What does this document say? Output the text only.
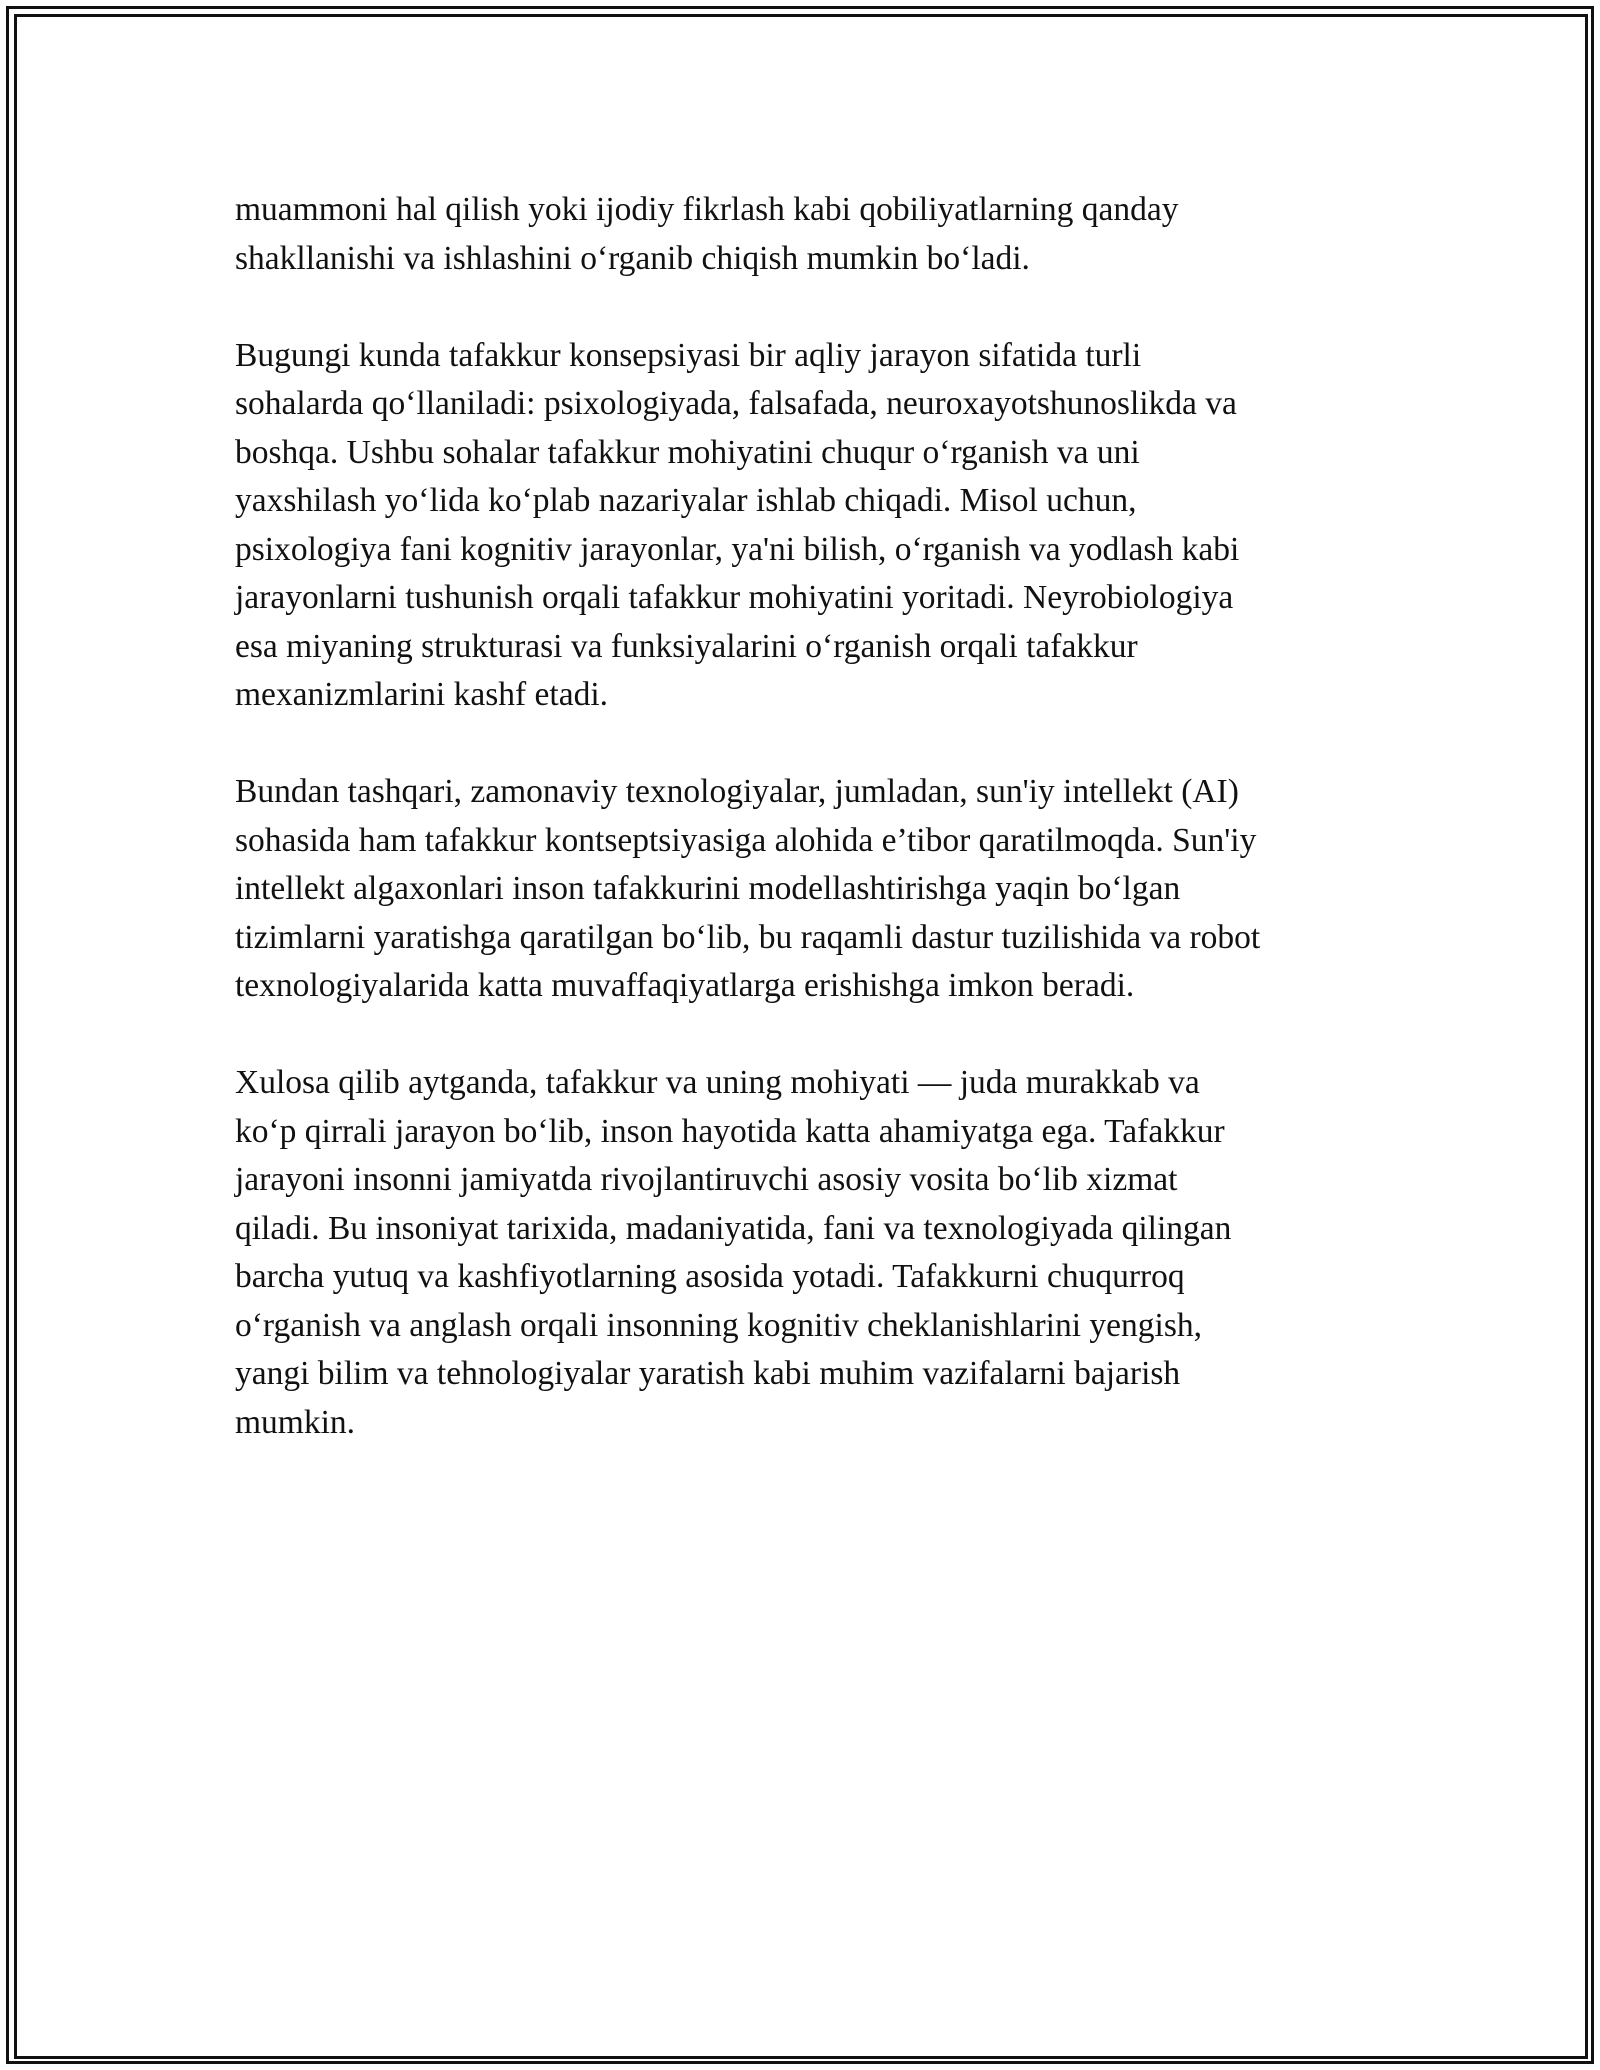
muammoni hal qilish yoki ijodiy fikrlash kabi qobiliyatlarning qanday
shakllanishi va ishlashini o‘rganib chiqish mumkin bo‘ladi.

Bugungi kunda tafakkur konsepsiyasi bir aqliy jarayon sifatida turli
sohalarda qo‘llaniladi: psixologiyada, falsafada, neuroxayotshunoslikda va
boshqa. Ushbu sohalar tafakkur mohiyatini chuqur o‘rganish va uni
yaxshilash yo‘lida ko‘plab nazariyalar ishlab chiqadi. Misol uchun,
psixologiya fani kognitiv jarayonlar, ya'ni bilish, o‘rganish va yodlash kabi
jarayonlarni tushunish orqali tafakkur mohiyatini yoritadi. Neyrobiologiya
esa miyaning strukturasi va funksiyalarini o‘rganish orqali tafakkur
mexanizmlarini kashf etadi.

Bundan tashqari, zamonaviy texnologiyalar, jumladan, sun'iy intellekt (AI)
sohasida ham tafakkur kontseptsiyasiga alohida e’tibor qaratilmoqda. Sun'iy
intellekt algaxonlari inson tafakkurini modellashtirishga yaqin bo‘lgan
tizimlarni yaratishga qaratilgan bo‘lib, bu raqamli dastur tuzilishida va robot
texnologiyalarida katta muvaffaqiyatlarga erishishga imkon beradi.

Xulosa qilib aytganda, tafakkur va uning mohiyati — juda murakkab va
ko‘p qirrali jarayon bo‘lib, inson hayotida katta ahamiyatga ega. Tafakkur
jarayoni insonni jamiyatda rivojlantiruvchi asosiy vosita bo‘lib xizmat
qiladi. Bu insoniyat tarixida, madaniyatida, fani va texnologiyada qilingan
barcha yutuq va kashfiyotlarning asosida yotadi. Tafakkurni chuqurroq
o‘rganish va anglash orqali insonning kognitiv cheklanishlarini yengish,
yangi bilim va tehnologiyalar yaratish kabi muhim vazifalarni bajarish
mumkin.
